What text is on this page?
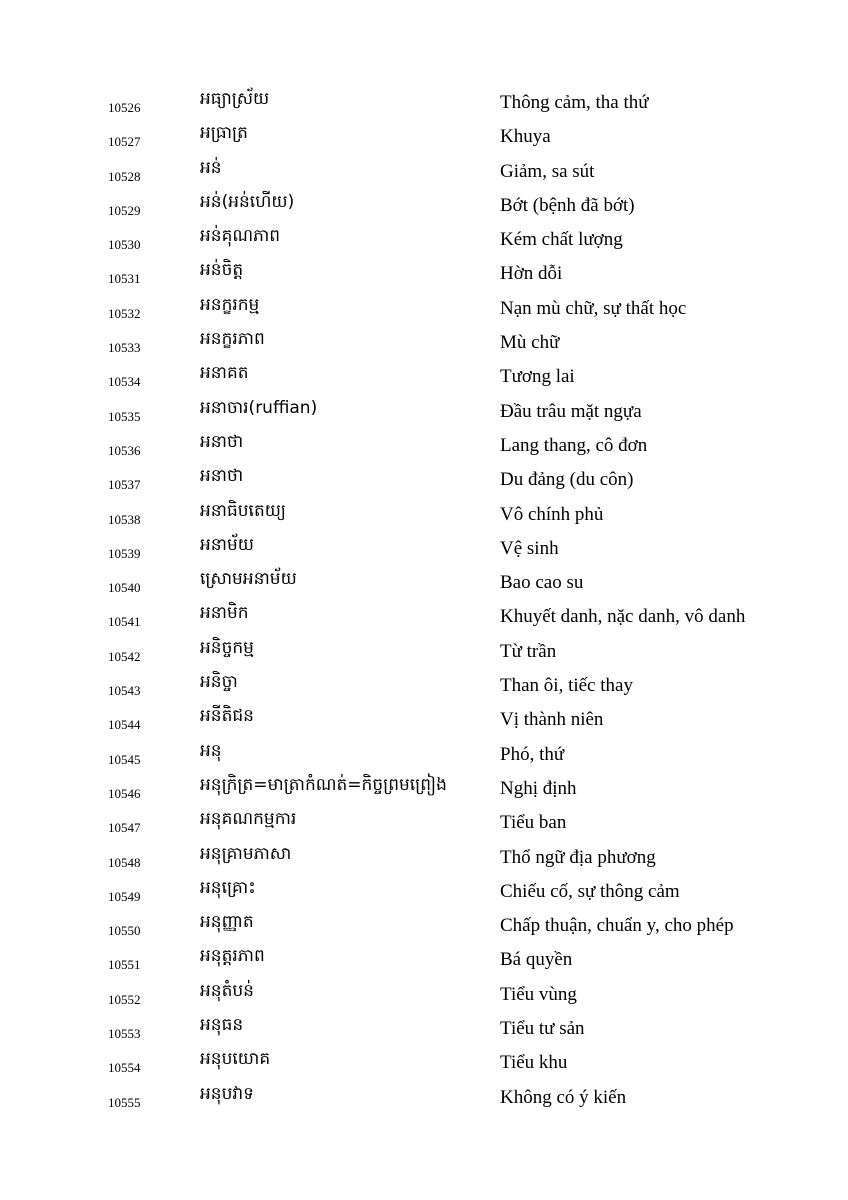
10526	អធ្យាស្រ័យ	Thông cảm, tha thứ
10527	អធ្រាត្រ	Khuya
10528	អន់	Giảm, sa sút
10529	អន់(អន់ហើយ)	Bớt (bệnh đã bớt)
10530	អន់គុណភាព	Kém chất lượng
10531	អន់ចិត្ត	Hờn dỗi
10532	អនក្ខរកម្ម	Nạn mù chữ, sự thất học
10533	អនក្ខរភាព	Mù chữ
10534	អនាគត	Tương lai
10535	អនាចារ(ruffian)	Đầu trâu mặt ngựa
10536	អនាថា	Lang thang, cô đơn
10537	អនាថា	Du đảng (du côn)
10538	អនាធិបតេយ្យ	Vô chính phủ
10539	អនាម័យ	Vệ sinh
10540	ស្រោមអនាម័យ	Bao cao su
10541	អនាមិក	Khuyết danh, nặc danh, vô danh
10542	អនិច្ចកម្ម	Từ trần
10543	អនិច្ចា	Than ôi, tiếc thay
10544	អនីតិជន	Vị thành niên
10545	អនុ	Phó, thứ
10546	អនុក្រិត្រ=មាត្រាកំណត់=កិច្ចព្រមព្រៀង	Nghị định
10547	អនុគណកម្មការ	Tiểu ban
10548	អនុគ្រាមភាសា	Thổ ngữ địa phương
10549	អនុគ្រោះ	Chiếu cố, sự thông cảm
10550	អនុញ្ញាត	Chấp thuận, chuẩn y, cho phép
10551	អនុត្តរភាព	Bá quyền
10552	អនុតំបន់	Tiểu vùng
10553	អនុធន	Tiểu tư sản
10554	អនុបយោគ	Tiểu khu
10555	អនុបវាទ	Không có ý kiến
